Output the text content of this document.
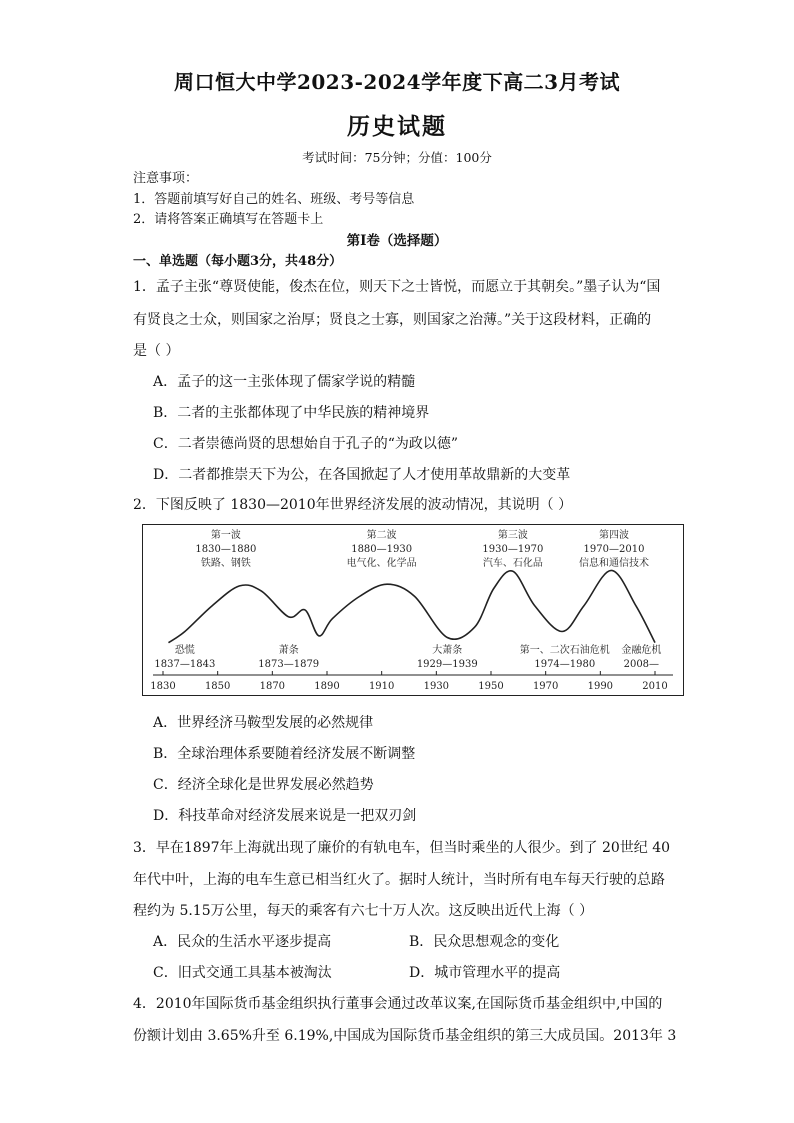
周口恒大中学2023-2024学年度下高二3月考试
历史试题
考试时间：75分钟；分值：100分
注意事项：
1．答题前填写好自己的姓名、班级、考号等信息
2．请将答案正确填写在答题卡上
第I卷（选择题）
一、单选题（每小题3分，共48分）
1．孟子主张“尊贤使能，俊杰在位，则天下之士皆悦，而愿立于其朝矣。”墨子认为“国
有贤良之士众，则国家之治厚；贤良之士寡，则国家之治薄。”关于这段材料，正确的
是（ ）
A．孟子的这一主张体现了儒家学说的精髓
B．二者的主张都体现了中华民族的精神境界
C．二者崇德尚贤的思想始自于孔子的“为政以德”
D．二者都推崇天下为公，在各国掀起了人才使用革故鼎新的大变革
2．下图反映了 1830—2010年世界经济发展的波动情况，其说明（ ）
1830	1850	1870	1890	1910	1930	1950	1970	1990	2010
第一波
1830—1880
铁路、钢铁
第二波
1880—1930
电气化、化学品
第三波
1930—1970
汽车、石化品
第四波
1970—2010
信息和通信技术
恐慌
1837—1843
萧条
1873—1879
大萧条
1929—1939
第一、二次石油危机
1974—1980
金融危机
2008—
A．世界经济马鞍型发展的必然规律
B．全球治理体系要随着经济发展不断调整
C．经济全球化是世界发展必然趋势
D．科技革命对经济发展来说是一把双刃剑
3．早在1897年上海就出现了廉价的有轨电车，但当时乘坐的人很少。到了 20世纪 40
年代中叶，上海的电车生意已相当红火了。据时人统计，当时所有电车每天行驶的总路
程约为 5.15万公里，每天的乘客有六七十万人次。这反映出近代上海（ ）
A．民众的生活水平逐步提高	B．民众思想观念的变化
C．旧式交通工具基本被淘汰	D．城市管理水平的提高
4．2010年国际货币基金组织执行董事会通过改革议案,在国际货币基金组织中,中国的
份额计划由 3.65%升至 6.19%,中国成为国际货币基金组织的第三大成员国。2013年 3
